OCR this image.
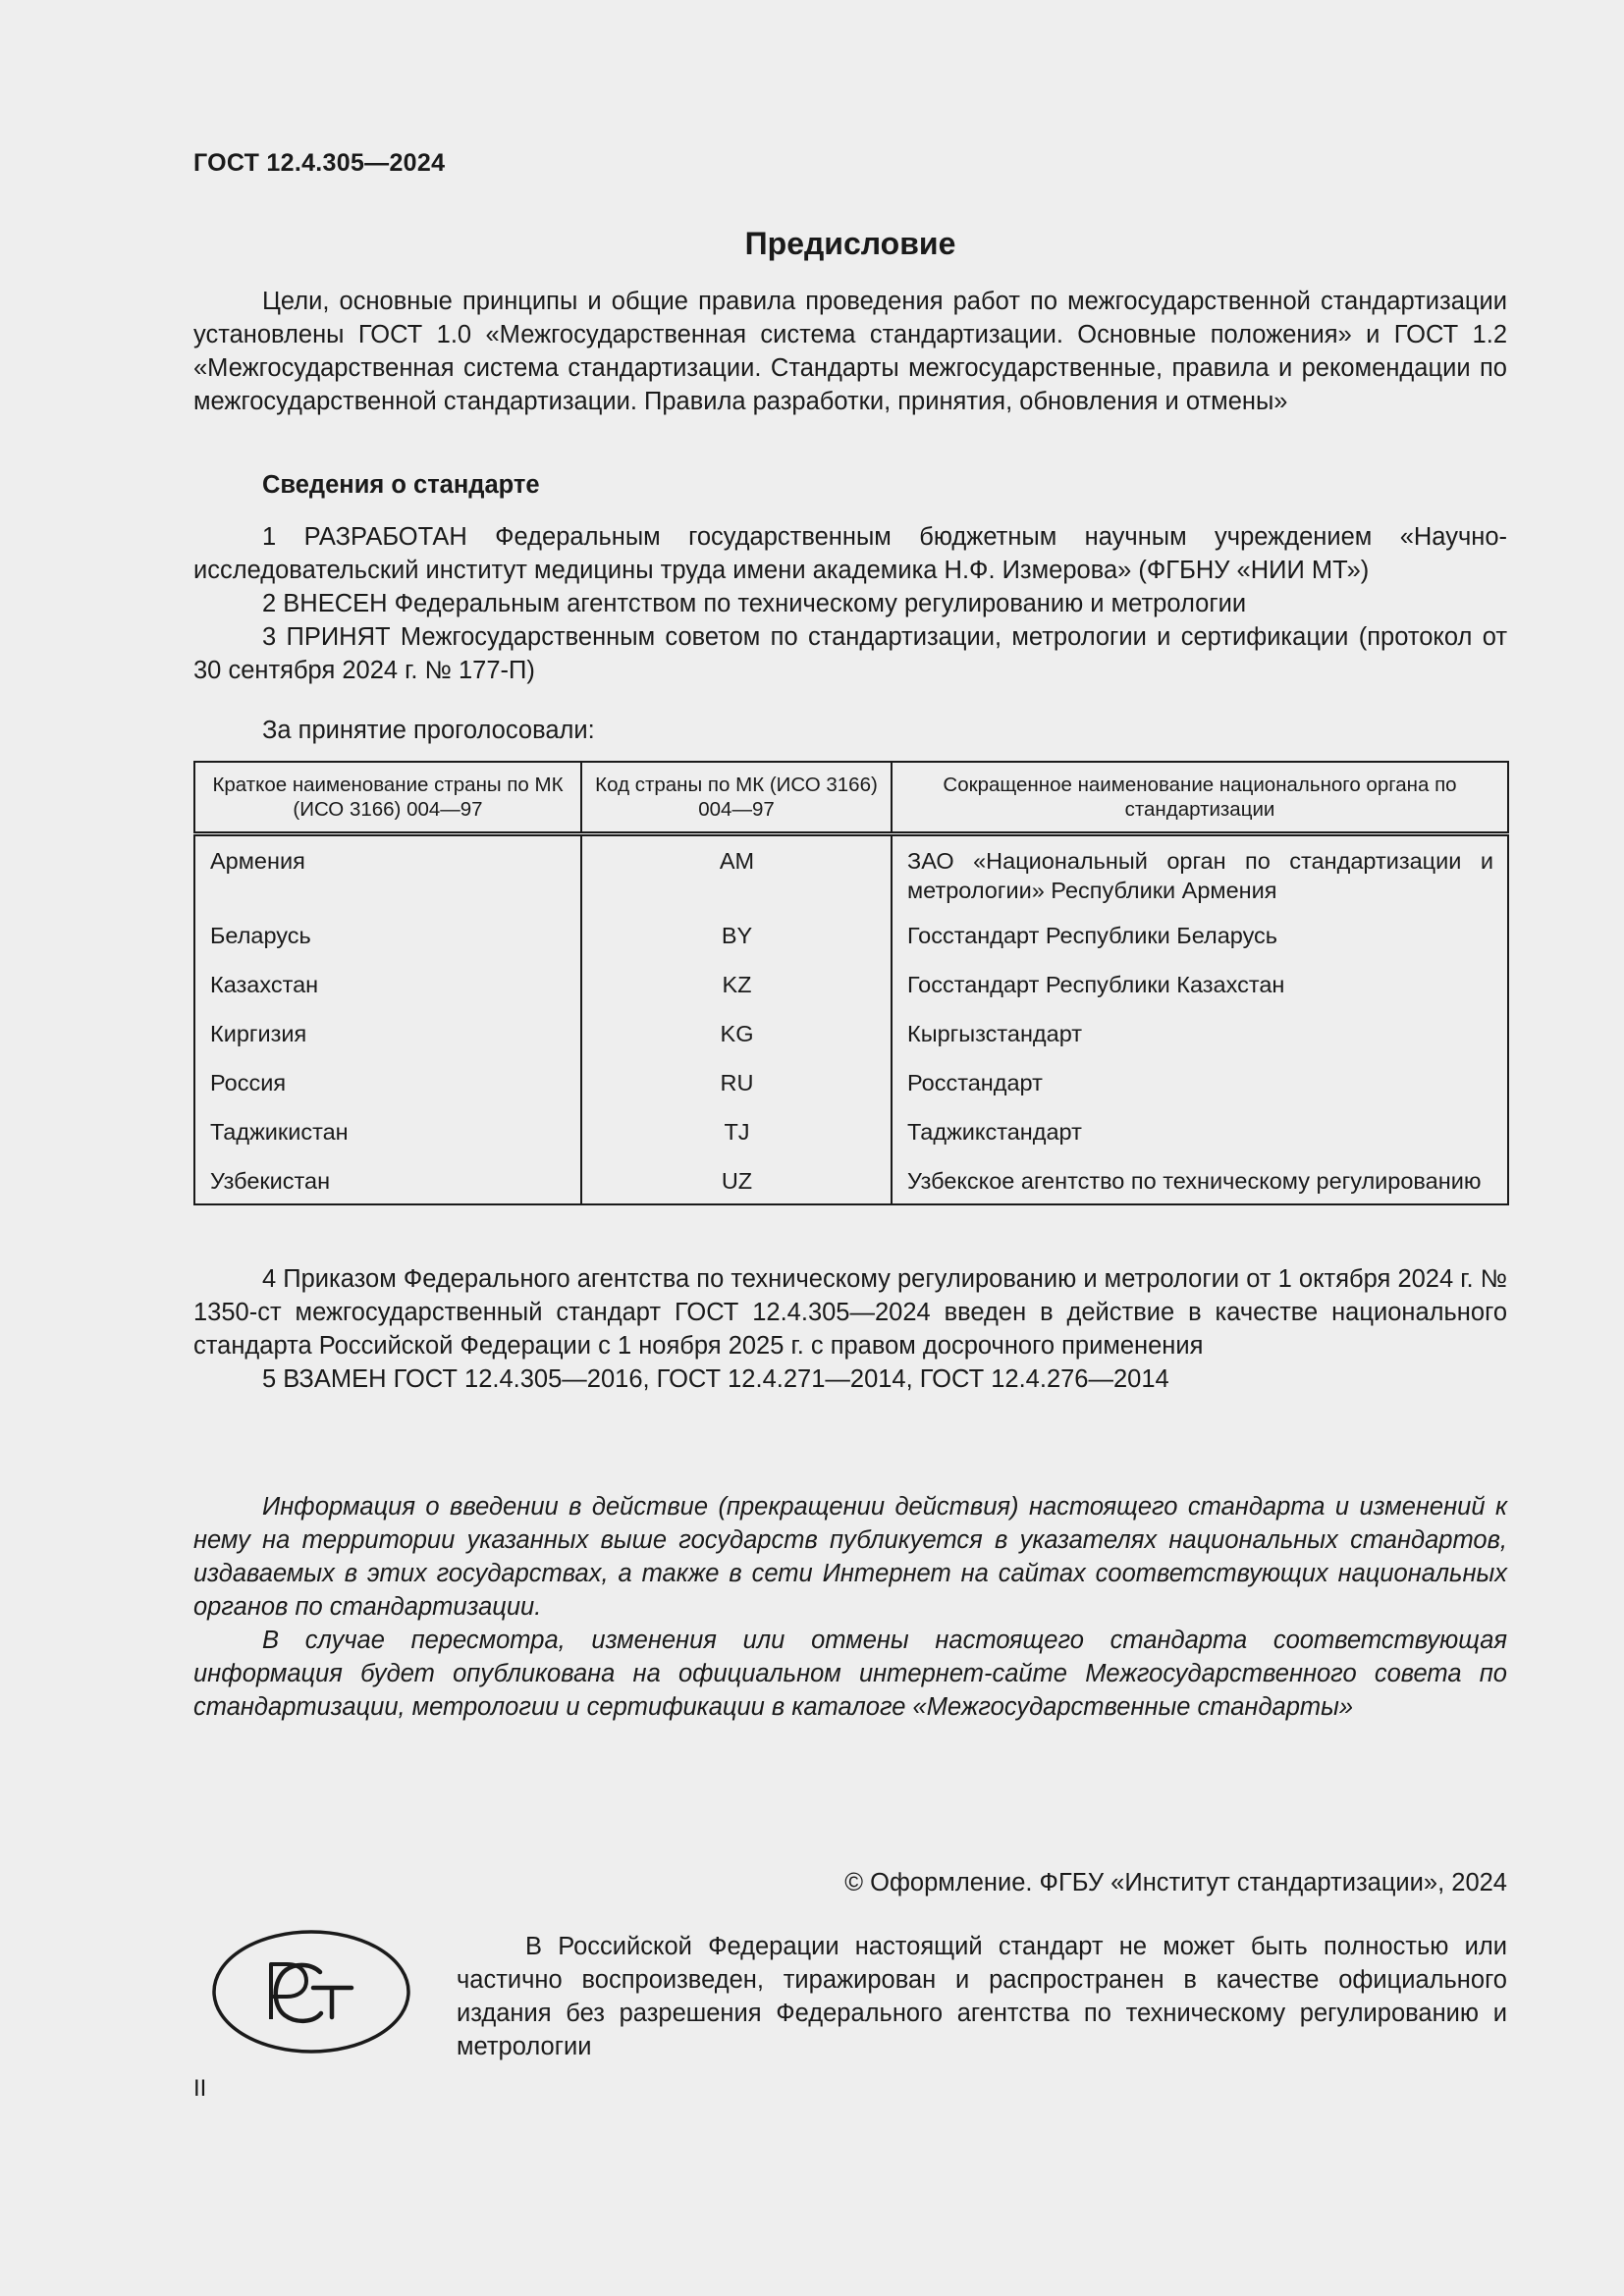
ГОСТ 12.4.305—2024
Предисловие

Цели, основные принципы и общие правила проведения работ по межгосударственной стандартизации установлены ГОСТ 1.0 «Межгосударственная система стандартизации. Основные положения» и ГОСТ 1.2 «Межгосударственная система стандартизации. Стандарты межгосударственные, правила и рекомендации по межгосударственной стандартизации. Правила разработки, принятия, обновления и отмены»

Сведения о стандарте

1 РАЗРАБОТАН Федеральным государственным бюджетным научным учреждением «Научно-исследовательский институт медицины труда имени академика Н.Ф. Измерова» (ФГБНУ «НИИ МТ»)

2 ВНЕСЕН Федеральным агентством по техническому регулированию и метрологии

3 ПРИНЯТ Межгосударственным советом по стандартизации, метрологии и сертификации (протокол от 30 сентября 2024 г. № 177-П)

За принятие проголосовали:
Краткое наименование страны по МК (ИСО 3166) 004—97	Код страны по МК (ИСО 3166) 004—97	Сокращенное наименование национального органа по стандартизации
Армения	AM	ЗАО «Национальный орган по стандартизации и метрологии» Республики Армения
Беларусь	BY	Госстандарт Республики Беларусь
Казахстан	KZ	Госстандарт Республики Казахстан
Киргизия	KG	Кыргызстандарт
Россия	RU	Росстандарт
Таджикистан	TJ	Таджикстандарт
Узбекистан	UZ	Узбекское агентство по техническому регулированию

4 Приказом Федерального агентства по техническому регулированию и метрологии от 1 октября 2024 г. № 1350-ст межгосударственный стандарт ГОСТ 12.4.305—2024 введен в действие в качестве национального стандарта Российской Федерации с 1 ноября 2025 г. с правом досрочного применения

5 ВЗАМЕН ГОСТ 12.4.305—2016, ГОСТ 12.4.271—2014, ГОСТ 12.4.276—2014

Информация о введении в действие (прекращении действия) настоящего стандарта и изменений к нему на территории указанных выше государств публикуется в указателях национальных стандартов, издаваемых в этих государствах, а также в сети Интернет на сайтах соответствующих национальных органов по стандартизации.

В случае пересмотра, изменения или отмены настоящего стандарта соответствующая информация будет опубликована на официальном интернет-сайте Межгосударственного совета по стандартизации, метрологии и сертификации в каталоге «Межгосударственные стандарты»

© Оформление. ФГБУ «Институт стандартизации», 2024

В Российской Федерации настоящий стандарт не может быть полностью или частично воспроизведен, тиражирован и распространен в качестве официального издания без разрешения Федерального агентства по техническому регулированию и метрологии

II
